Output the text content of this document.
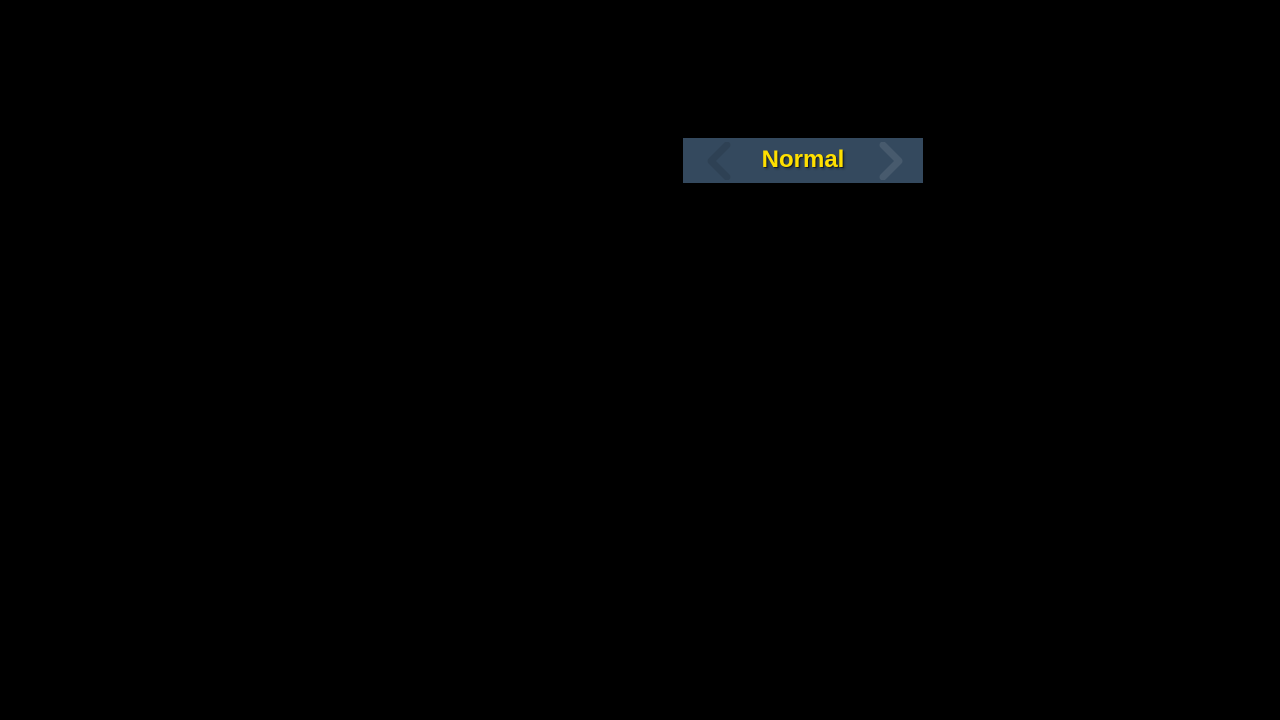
Normal
